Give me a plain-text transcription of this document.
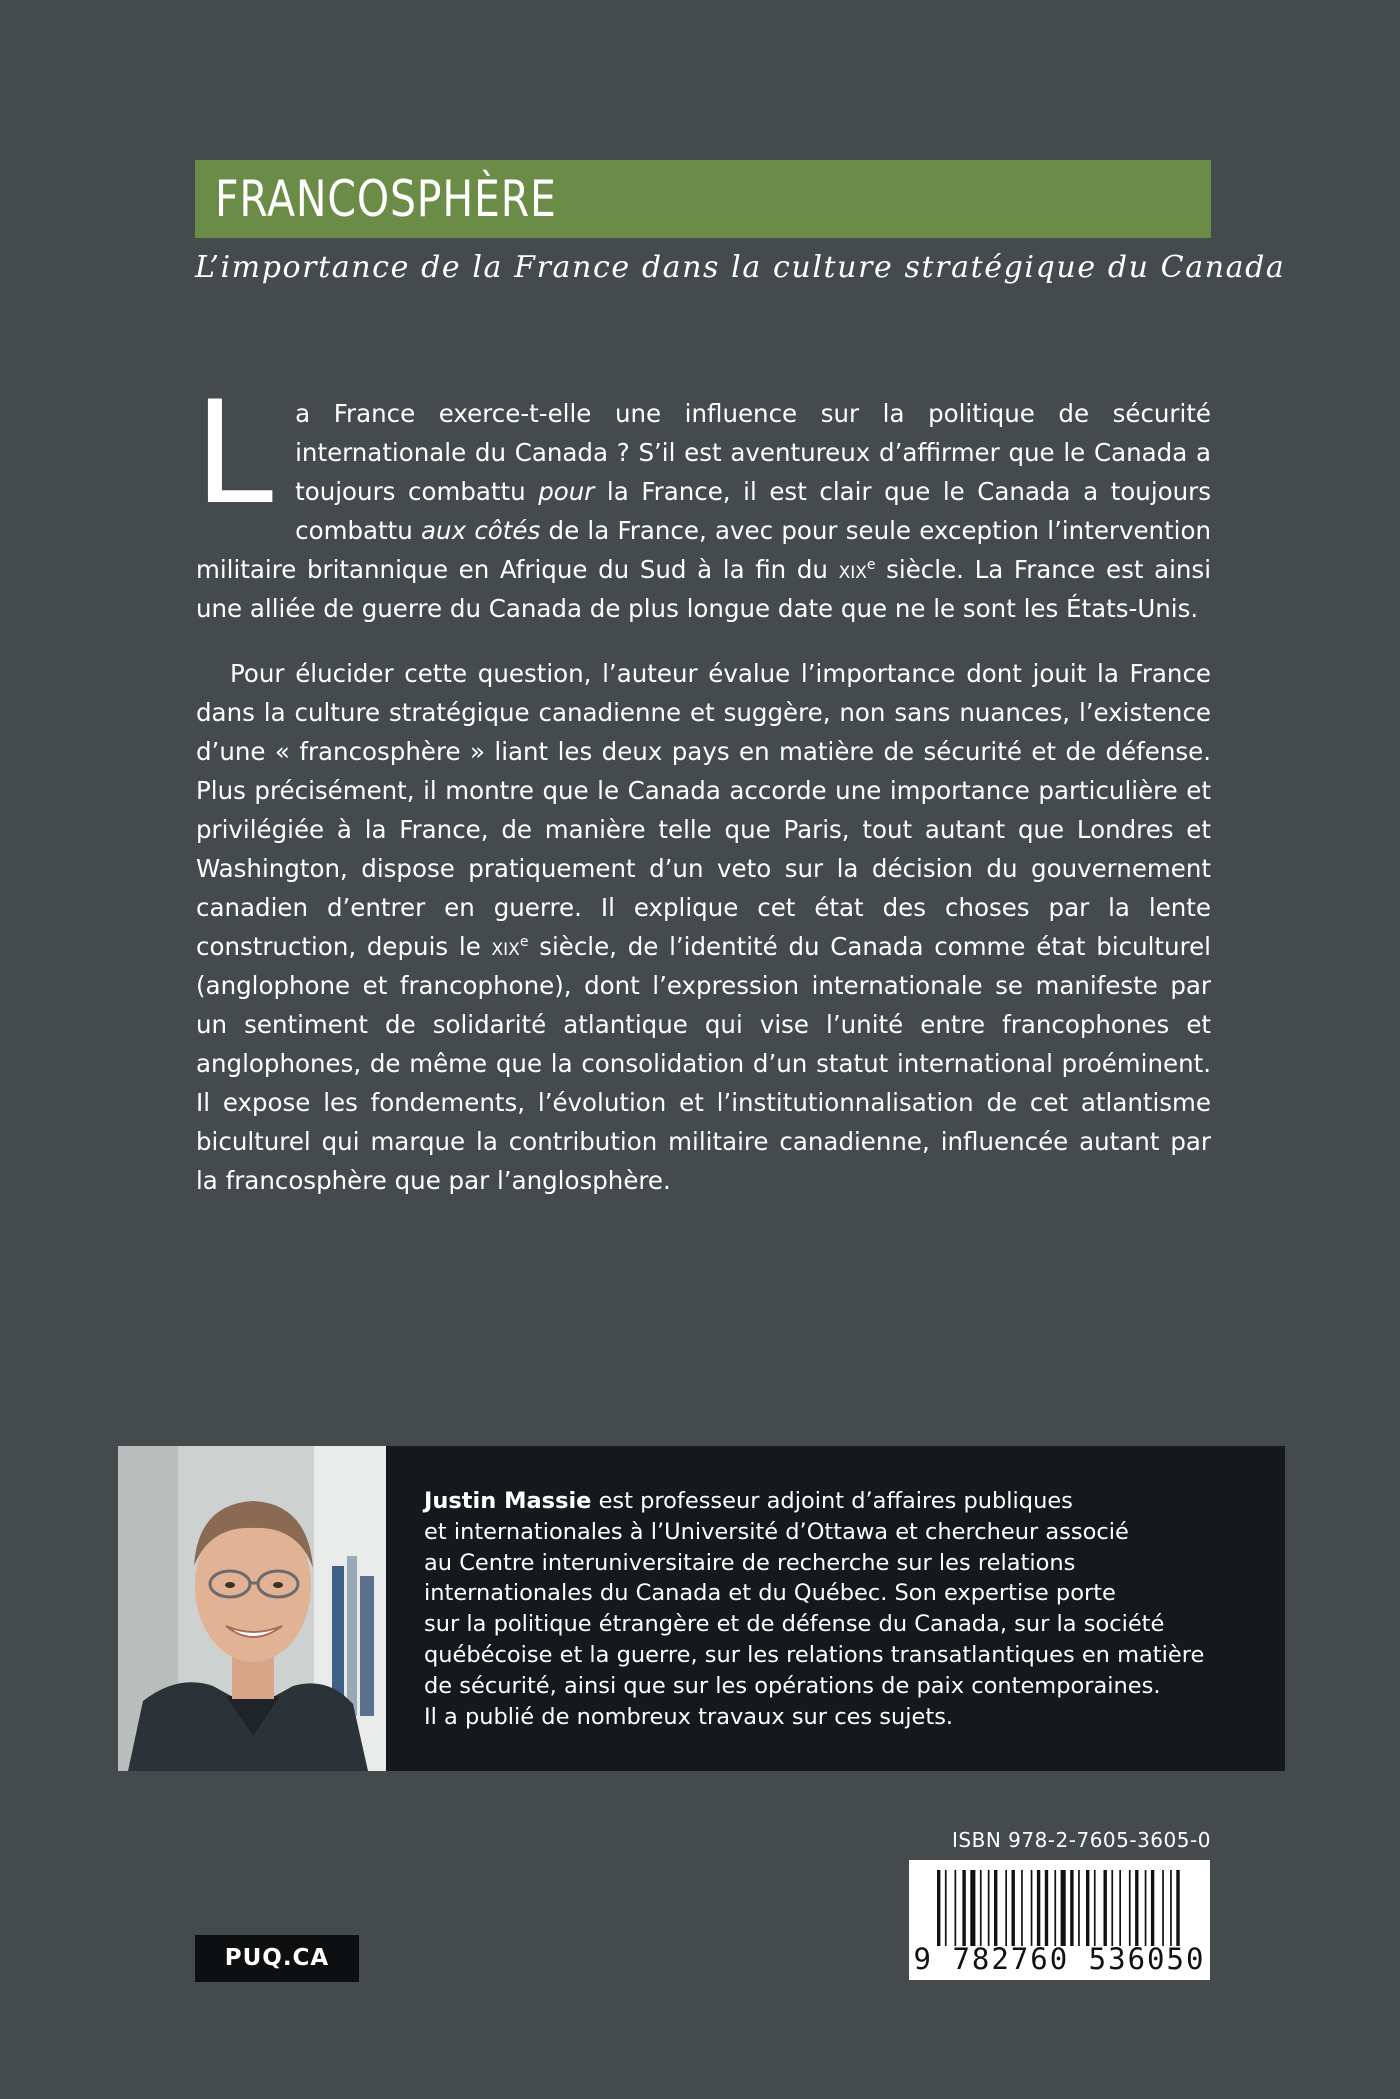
FRANCOSPHÈRE
L’importance de la France dans la culture stratégique du Canada

La France exerce-t-elle une influence sur la politique de sécurité internationale du Canada ? S’il est aventureux d’affirmer que le Canada a toujours combattu pour la France, il est clair que le Canada a toujours combattu aux côtés de la France, avec pour seule exception l’intervention militaire britannique en Afrique du Sud à la fin du xix$^e$ siècle. La France est ainsi une alliée de guerre du Canada de plus longue date que ne le sont les États-Unis.

Pour élucider cette question, l’auteur évalue l’importance dont jouit la France dans la culture stratégique canadienne et suggère, non sans nuances, l’existence d’une « francosphère » liant les deux pays en matière de sécurité et de défense. Plus précisément, il montre que le Canada accorde une importance particulière et privilégiée à la France, de manière telle que Paris, tout autant que Londres et Washington, dispose pratiquement d’un veto sur la décision du gouvernement canadien d’entrer en guerre. Il explique cet état des choses par la lente construction, depuis le xix$^e$ siècle, de l’identité du Canada comme état biculturel (anglophone et francophone), dont l’expression internationale se manifeste par un sentiment de solidarité atlantique qui vise l’unité entre francophones et anglophones, de même que la consolidation d’un statut international proéminent. Il expose les fondements, l’évolution et l’institutionnalisation de cet atlantisme biculturel qui marque la contribution militaire canadienne, influencée autant par la francosphère que par l’anglosphère.

Justin Massie est professeur adjoint d’affaires publiques
et internationales à l’Université d’Ottawa et chercheur associé
au Centre interuniversitaire de recherche sur les relations
internationales du Canada et du Québec. Son expertise porte
sur la politique étrangère et de défense du Canada, sur la société
québécoise et la guerre, sur les relations transatlantiques en matière
de sécurité, ainsi que sur les opérations de paix contemporaines.
Il a publié de nombreux travaux sur ces sujets.
ISBN 978-2-7605-3605-0
9 782760 536050
PUQ.CA
